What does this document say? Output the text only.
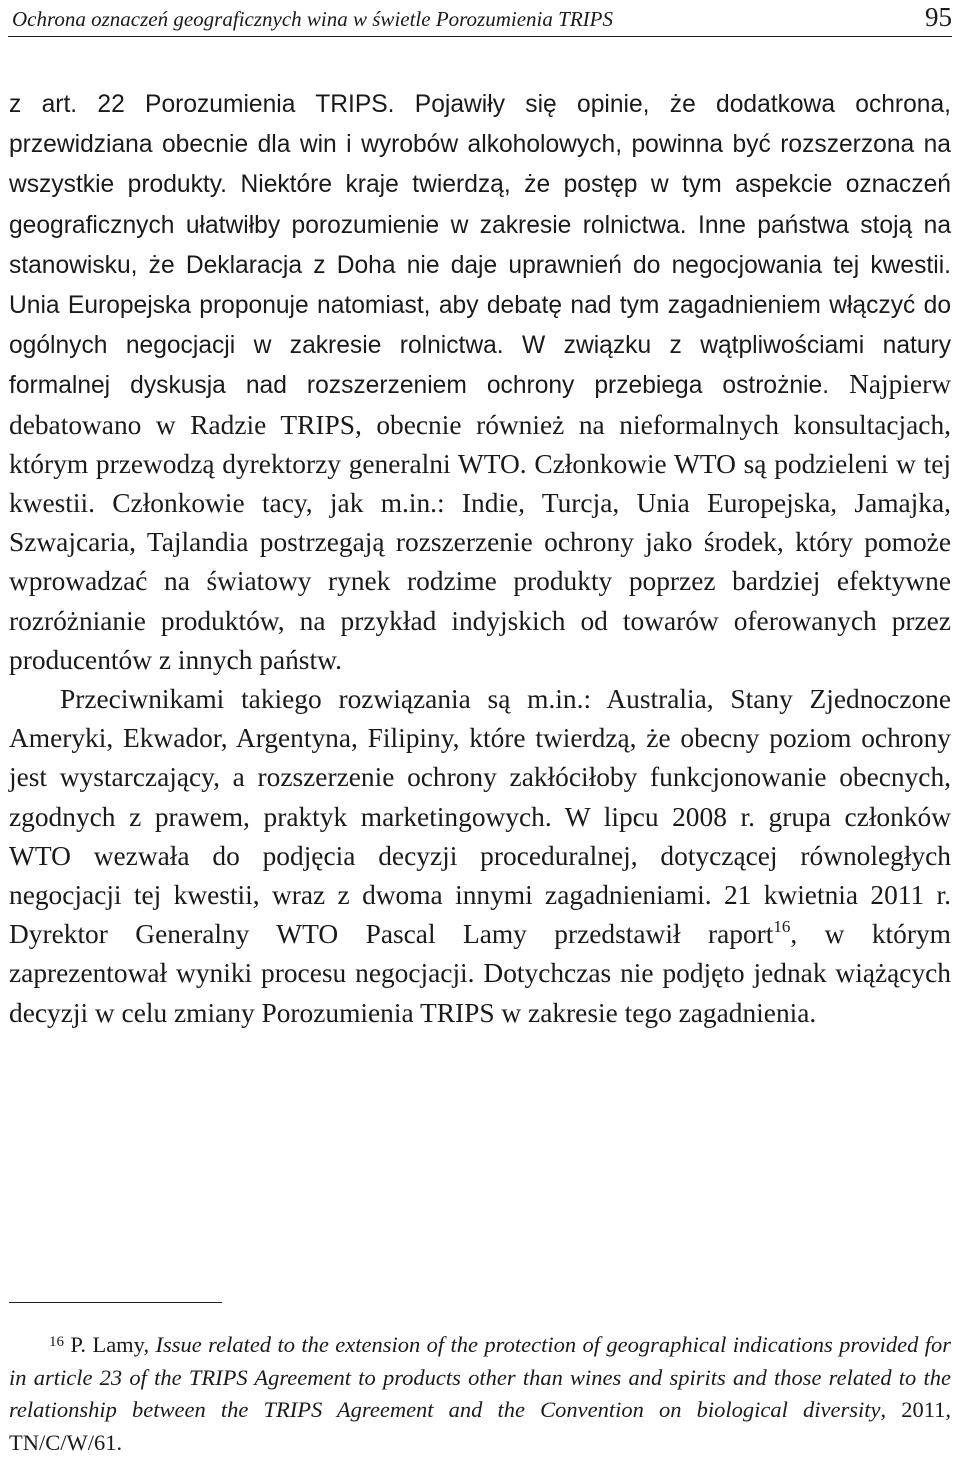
Ochrona oznaczeń geograficznych wina w świetle Porozumienia TRIPS	95

z art. 22 Porozumienia TRIPS. Pojawiły się opinie, że dodatkowa ochrona, przewidziana obecnie dla win i wyrobów alkoholowych, powinna być rozszerzona na wszystkie produkty. Niektóre kraje twierdzą, że postęp w tym aspekcie oznaczeń geograficznych ułatwiłby porozumienie w zakresie rolnictwa. Inne państwa stoją na stanowisku, że Deklaracja z Doha nie daje uprawnień do negocjowania tej kwestii. Unia Europejska proponuje natomiast, aby debatę nad tym zagadnieniem włączyć do ogólnych negocjacji w zakresie rolnictwa. W związku z wątpliwościami natury formalnej dyskusja nad rozszerzeniem ochrony przebiega ostrożnie. Najpierw debatowano w Radzie TRIPS, obecnie również na nieformalnych konsultacjach, którym przewodzą dyrektorzy generalni WTO. Członkowie WTO są podzieleni w tej kwestii. Członkowie tacy, jak m.in.: Indie, Turcja, Unia Europejska, Jamajka, Szwajcaria, Tajlandia postrzegają rozszerzenie ochrony jako środek, który pomoże wprowadzać na światowy rynek rodzime produkty poprzez bardziej efektywne rozróżnianie produktów, na przykład indyjskich od towarów oferowanych przez producentów z innych państw.

Przeciwnikami takiego rozwiązania są m.in.: Australia, Stany Zjednoczone Ameryki, Ekwador, Argentyna, Filipiny, które twierdzą, że obecny poziom ochrony jest wystarczający, a rozszerzenie ochrony zakłóciłoby funkcjonowanie obecnych, zgodnych z prawem, praktyk marketingowych. W lipcu 2008 r. grupa członków WTO wezwała do podjęcia decyzji proceduralnej, dotyczącej równoległych negocjacji tej kwestii, wraz z dwoma innymi zagadnieniami. 21 kwietnia 2011 r. Dyrektor Generalny WTO Pascal Lamy przedstawił raport$^{16}$, w którym zaprezentował wyniki procesu negocjacji. Dotychczas nie podjęto jednak wiążących decyzji w celu zmiany Porozumienia TRIPS w zakresie tego zagadnienia.

$^{16}$ P. Lamy, Issue related to the extension of the protection of geographical indications provided for in article 23 of the TRIPS Agreement to products other than wines and spirits and those related to the relationship between the TRIPS Agreement and the Convention on biological diversity, 2011, TN/C/W/61.
